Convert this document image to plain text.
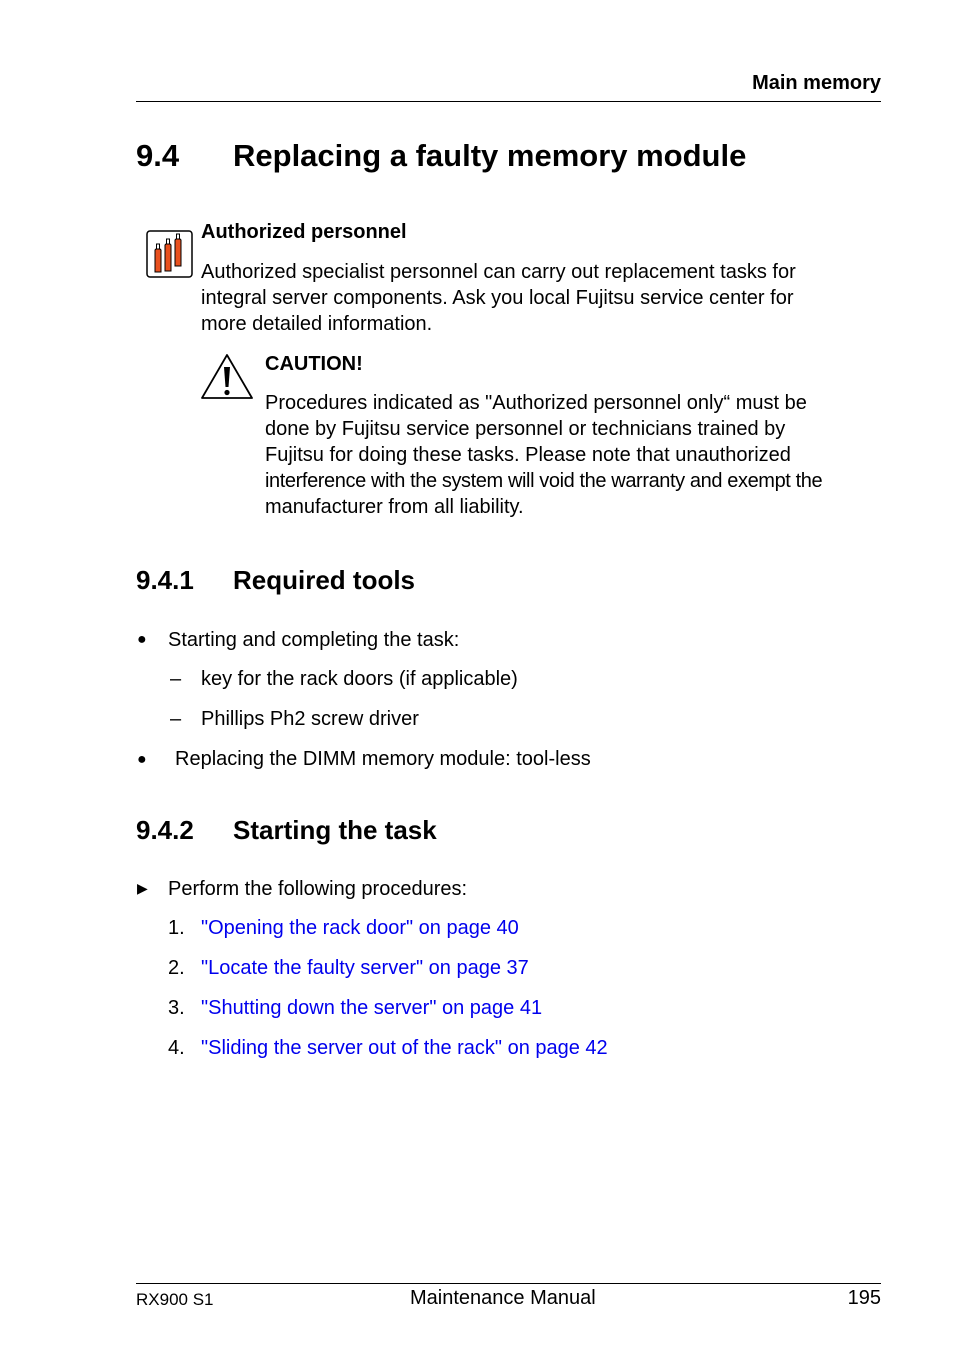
Main memory
9.4 Replacing a faulty memory module
Authorized personnel
Authorized specialist personnel can carry out replacement tasks for
integral server components. Ask you local Fujitsu service center for
more detailed information.
CAUTION!
Procedures indicated as "Authorized personnel only“ must be
done by Fujitsu service personnel or technicians trained by
Fujitsu for doing these tasks. Please note that unauthorized
interference with the system will void the warranty and exempt the
manufacturer from all liability.
9.4.1 Required tools
● Starting and completing the task:
– key for the rack doors (if applicable)
– Phillips Ph2 screw driver
● Replacing the DIMM memory module: tool-less
9.4.2 Starting the task
▶ Perform the following procedures:
1. "Opening the rack door" on page 40
2. "Locate the faulty server" on page 37
3. "Shutting down the server" on page 41
4. "Sliding the server out of the rack" on page 42
RX900 S1	Maintenance Manual	195
